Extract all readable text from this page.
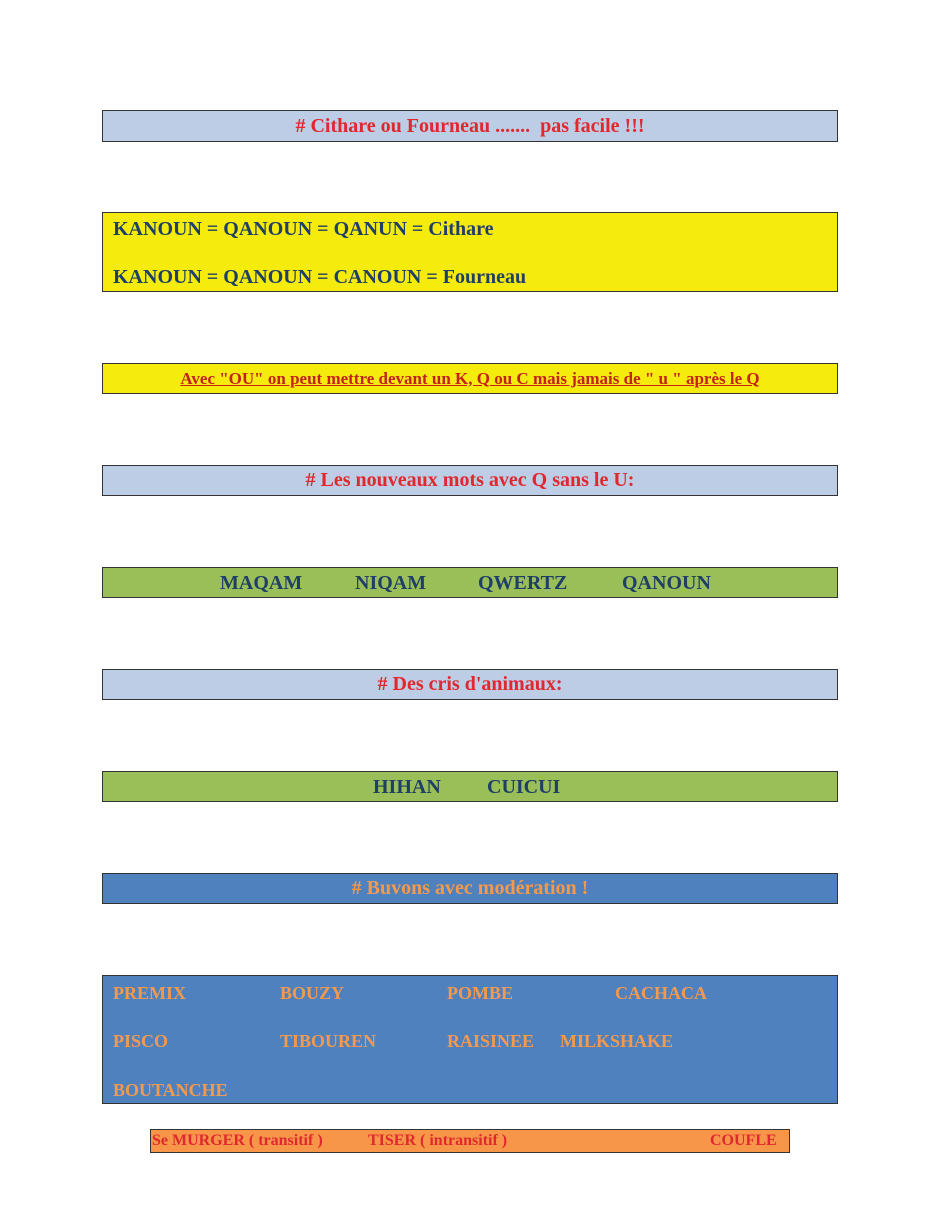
# Cithare ou Fourneau .......  pas facile !!!
KANOUN = QANOUN = QANUN = Cithare
KANOUN = QANOUN = CANOUN = Fourneau
Avec "OU" on peut mettre devant un K, Q ou C mais jamais de " u " après le Q
# Les nouveaux mots avec Q sans le U:
MAQAM	NIQAM	QWERTZ	QANOUN
# Des cris d'animaux:
HIHAN CUICUI
# Buvons avec modération !
PREMIX	BOUZY	POMBE	CACHACA
PISCO	TIBOUREN	RAISINEE MILKSHAKE
BOUTANCHE
Se MURGER ( transitif )	TISER ( intransitif )	COUFLE
